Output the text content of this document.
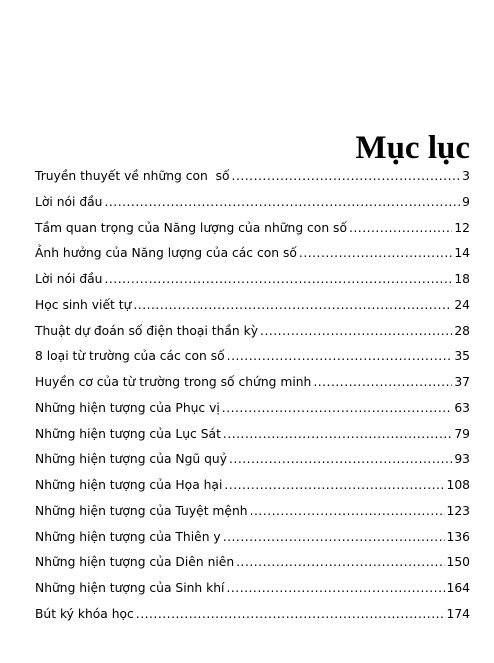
Mục lục
Truyền thuyết về những con  số .....	3
Lời nói đầu .....	9
Tầm quan trọng của Năng lượng của những con số .....	12
Ảnh hưởng của Năng lượng của các con số .....	14
Lời nói đầu .....	18
Học sinh viết tự .....	24
Thuật dự đoán số điện thoại thần kỳ .....	28
8 loại từ trường của các con số .....	35
Huyền cơ của từ trường trong số chứng minh .....	37
Những hiện tượng của Phục vị .....	63
Những hiện tượng của Lục Sát .....	79
Những hiện tượng của Ngũ quỷ .....	93
Những hiện tượng của Họa hại .....	108
Những hiện tượng của Tuyệt mệnh .....	123
Những hiện tượng của Thiên y .....	136
Những hiện tượng của Diên niên .....	150
Những hiện tượng của Sinh khí .....	164
Bút ký khóa học .....	174
